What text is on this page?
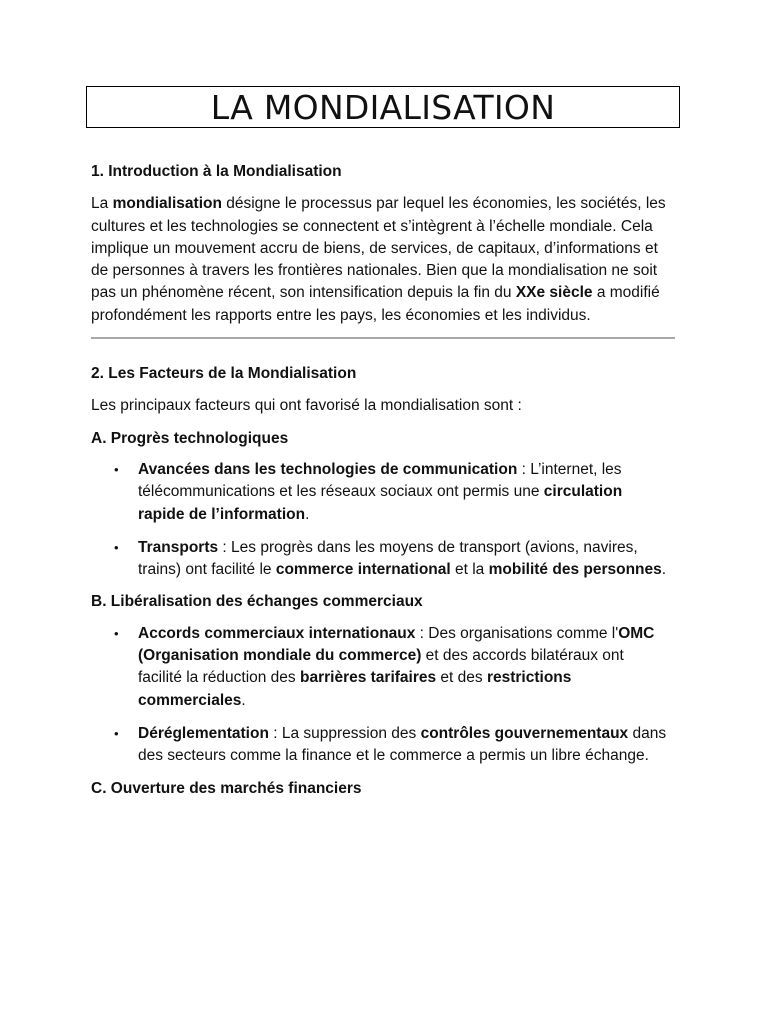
LA MONDIALISATION

1. Introduction à la Mondialisation

La mondialisation désigne le processus par lequel les économies, les sociétés, les cultures et les technologies se connectent et s’intègrent à l’échelle mondiale. Cela implique un mouvement accru de biens, de services, de capitaux, d’informations et de personnes à travers les frontières nationales. Bien que la mondialisation ne soit pas un phénomène récent, son intensification depuis la fin du XXe siècle a modifié profondément les rapports entre les pays, les économies et les individus.

2. Les Facteurs de la Mondialisation

Les principaux facteurs qui ont favorisé la mondialisation sont :

A. Progrès technologiques

• Avancées dans les technologies de communication : L’internet, les télécommunications et les réseaux sociaux ont permis une circulation rapide de l’information.
• Transports : Les progrès dans les moyens de transport (avions, navires, trains) ont facilité le commerce international et la mobilité des personnes.

B. Libéralisation des échanges commerciaux

• Accords commerciaux internationaux : Des organisations comme l'OMC (Organisation mondiale du commerce) et des accords bilatéraux ont facilité la réduction des barrières tarifaires et des restrictions commerciales.
• Déréglementation : La suppression des contrôles gouvernementaux dans des secteurs comme la finance et le commerce a permis un libre échange.

C. Ouverture des marchés financiers
